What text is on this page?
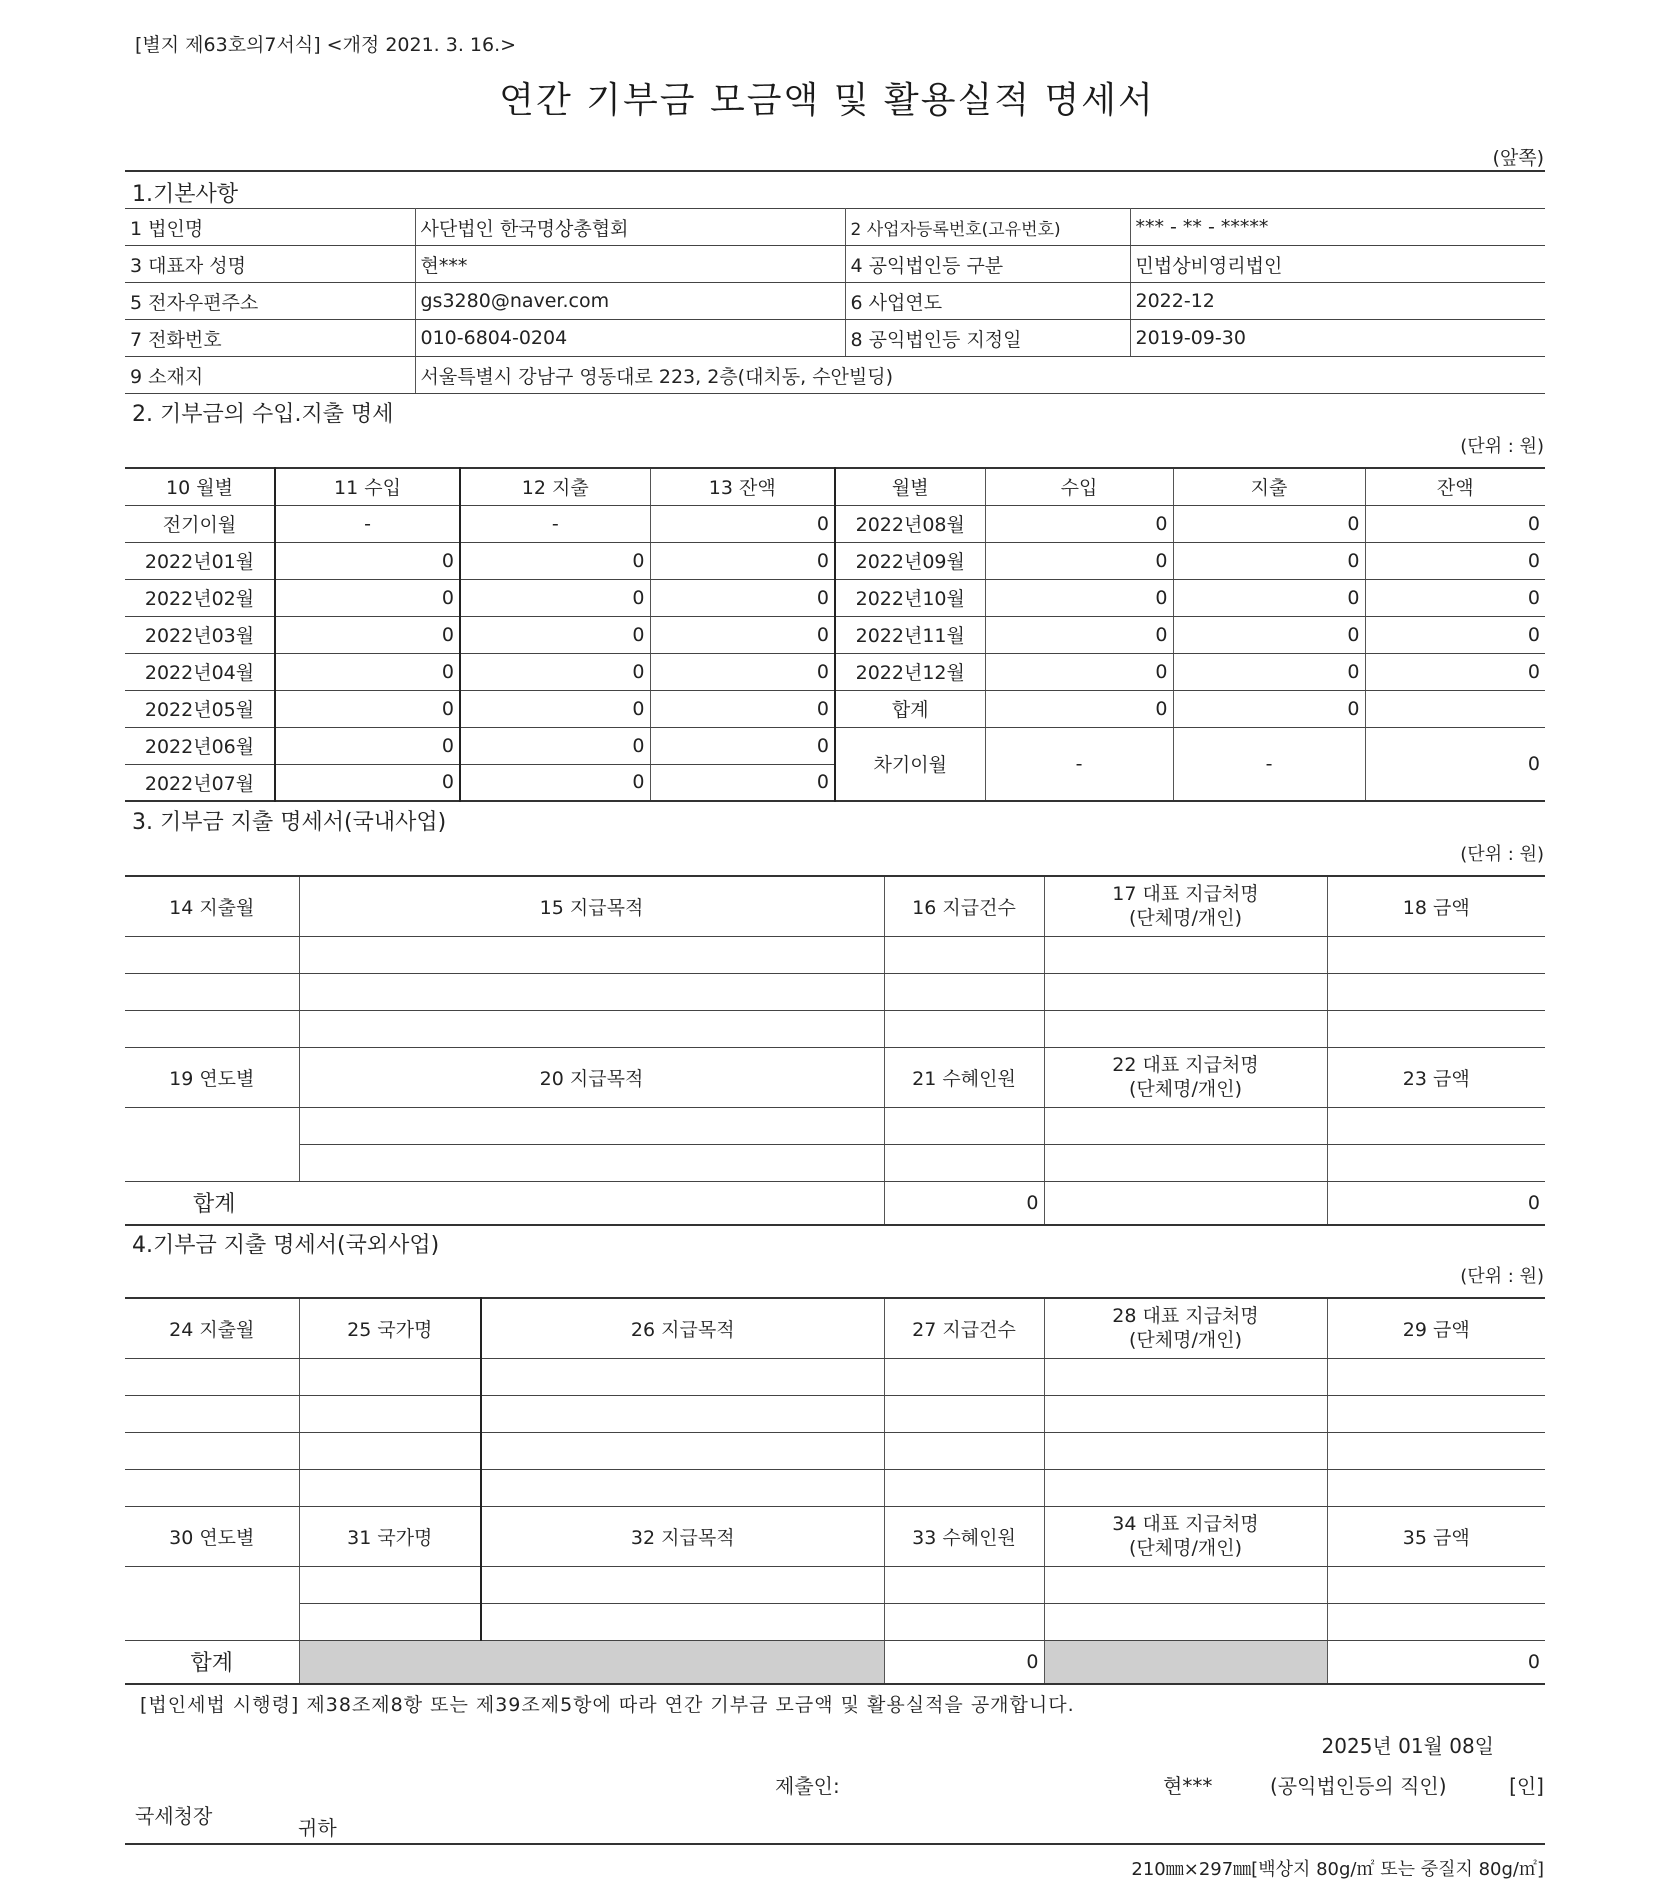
[별지 제63호의7서식] <개정 2021. 3. 16.>
연간 기부금 모금액 및 활용실적 명세서
(앞쪽)
1.기본사항
1 법인명	사단법인 한국명상총협회	2 사업자등록번호(고유번호)	*** - ** - *****
3 대표자 성명	현***	4 공익법인등 구분	민법상비영리법인
5 전자우편주소	gs3280@naver.com	6 사업연도	2022-12
7 전화번호	010-6804-0204	8 공익법인등 지정일	2019-09-30
9 소재지	서울특별시 강남구 영동대로 223, 2층(대치동, 수안빌딩)		
2. 기부금의 수입.지출 명세
(단위 : 원)
10 월별	11 수입	12 지출	13 잔액	월별	수입	지출	잔액
전기이월	-	-	0	2022년08월	0	0	0
2022년01월	0	0	0	2022년09월	0	0	0
2022년02월	0	0	0	2022년10월	0	0	0
2022년03월	0	0	0	2022년11월	0	0	0
2022년04월	0	0	0	2022년12월	0	0	0
2022년05월	0	0	0	합계	0	0	
2022년06월	0	0	0	차기이월	-	-	0
2022년07월	0	0	0				
3. 기부금 지출 명세서(국내사업)
(단위 : 원)
14 지출월	15 지급목적	16 지급건수	17 대표 지급처명
(단체명/개인)	18 금액

19 연도별	20 지급목적	21 수혜인원	22 대표 지급처명
(단체명/개인)	23 금액

합계		0		0
4.기부금 지출 명세서(국외사업)
(단위 : 원)
24 지출월	25 국가명	26 지급목적	27 지급건수	28 대표 지급처명
(단체명/개인)	29 금액

30 연도별	31 국가명	32 지급목적	33 수혜인원	34 대표 지급처명
(단체명/개인)	35 금액

합계			0		0
[법인세법 시행령] 제38조제8항 또는 제39조제5항에 따라 연간 기부금 모금액 및 활용실적을 공개합니다.
2025년 01월 08일
제출인:	현***	(공익법인등의 직인)	[인]
국세청장	귀하
210㎜×297㎜[백상지 80g/㎡ 또는 중질지 80g/㎡]
